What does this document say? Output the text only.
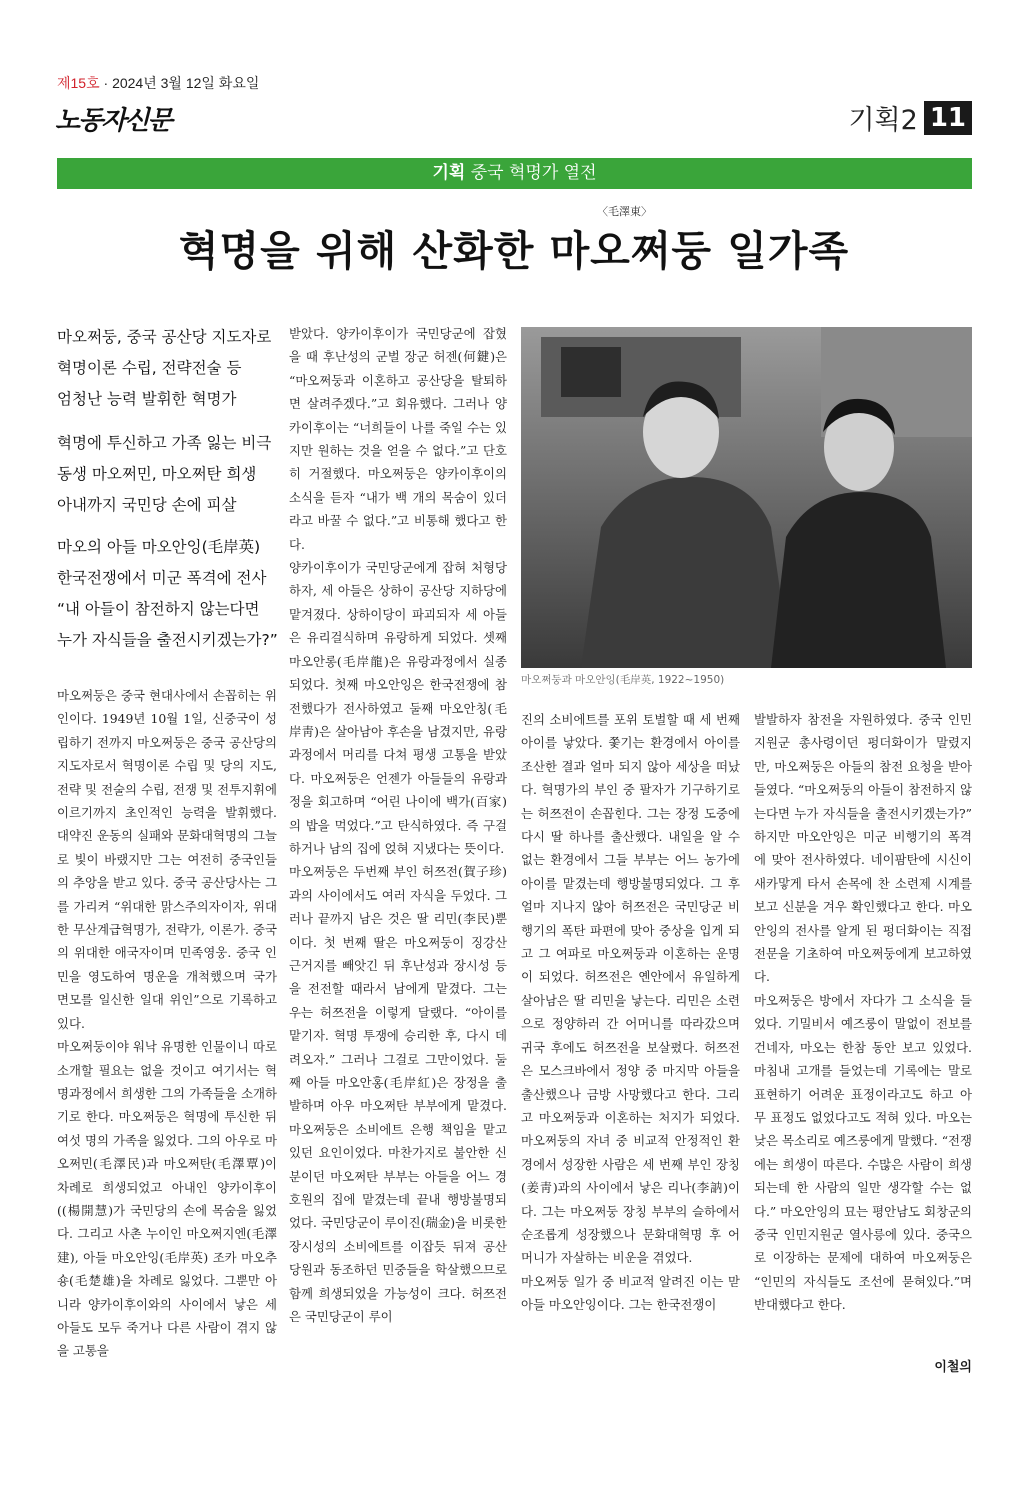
제15호 · 2024년 3월 12일 화요일
노동자신문	기획2 11
기획 중국 혁명가 열전
〈毛澤東〉
혁명을 위해 산화한 마오쩌둥 일가족
마오쩌둥, 중국 공산당 지도자로
혁명이론 수립, 전략전술 등
엄청난 능력 발휘한 혁명가
혁명에 투신하고 가족 잃는 비극
동생 마오쩌민, 마오쩌탄 희생
아내까지 국민당 손에 피살
마오의 아들 마오안잉(毛岸英)
한국전쟁에서 미군 폭격에 전사
“내 아들이 참전하지 않는다면
누가 자식들을 출전시키겠는가?”
마오쩌둥과 마오안잉(毛岸英, 1922~1950)

마오쩌둥은 중국 현대사에서 손꼽히는 위인이다. 1949년 10월 1일, 신중국이 성립하기 전까지 마오쩌둥은 중국 공산당의 지도자로서 혁명이론 수립 및 당의 지도, 전략 및 전술의 수립, 전쟁 및 전투지휘에 이르기까지 초인적인 능력을 발휘했다. 대약진 운동의 실패와 문화대혁명의 그늘로 빛이 바랬지만 그는 여전히 중국인들의 추앙을 받고 있다. 중국 공산당사는 그를 가리켜 “위대한 맑스주의자이자, 위대한 무산계급혁명가, 전략가, 이론가. 중국의 위대한 애국자이며 민족영웅. 중국 인민을 영도하여 명운을 개척했으며 국가 면모를 일신한 일대 위인”으로 기록하고 있다.

마오쩌둥이야 워낙 유명한 인물이니 따로 소개할 필요는 없을 것이고 여기서는 혁명과정에서 희생한 그의 가족들을 소개하기로 한다. 마오쩌둥은 혁명에 투신한 뒤 여섯 명의 가족을 잃었다. 그의 아우로 마오쩌민(毛澤民)과 마오쩌탄(毛澤覃)이 차례로 희생되었고 아내인 양카이후이((楊開慧)가 국민당의 손에 목숨을 잃었다. 그리고 사촌 누이인 마오쩌지엔(毛澤建), 아들 마오안잉(毛岸英) 조카 마오추숑(毛楚雄)을 차례로 잃었다. 그뿐만 아니라 양카이후이와의 사이에서 낳은 세 아들도 모두 죽거나 다른 사람이 겪지 않을 고통을

받았다. 양카이후이가 국민당군에 잡혔을 때 후난성의 군벌 장군 허젠(何鍵)은 “마오쩌둥과 이혼하고 공산당을 탈퇴하면 살려주겠다.”고 회유했다. 그러나 양카이후이는 “너희들이 나를 죽일 수는 있지만 원하는 것을 얻을 수 없다.”고 단호히 거절했다. 마오쩌둥은 양카이후이의 소식을 듣자 “내가 백 개의 목숨이 있더라고 바꿀 수 없다.”고 비통해 했다고 한다.

양카이후이가 국민당군에게 잡혀 처형당하자, 세 아들은 상하이 공산당 지하당에 맡겨졌다. 상하이당이 파괴되자 세 아들은 유리걸식하며 유랑하게 되었다. 셋째 마오안롱(毛岸龍)은 유랑과정에서 실종되었다. 첫째 마오안잉은 한국전쟁에 참전했다가 전사하였고 둘째 마오안칭(毛岸靑)은 살아남아 후손을 남겼지만, 유랑과정에서 머리를 다쳐 평생 고통을 받았다. 마오쩌둥은 언젠가 아들들의 유랑과정을 회고하며 “어린 나이에 백가(百家)의 밥을 먹었다.”고 탄식하였다. 즉 구걸하거나 남의 집에 얹혀 지냈다는 뜻이다.

마오쩌둥은 두번째 부인 허쯔전(賀子珍)과의 사이에서도 여러 자식을 두었다. 그러나 끝까지 남은 것은 딸 리민(李民)뿐이다. 첫 번째 딸은 마오쩌둥이 징강산 근거지를 빼앗긴 뒤 후난성과 장시성 등을 전전할 때라서 남에게 맡겼다. 그는 우는 허쯔전을 이렇게 달랬다. “아이를 맡기자. 혁명 투쟁에 승리한 후, 다시 데려오자.” 그러나 그걸로 그만이었다. 둘째 아들 마오안홍(毛岸紅)은 장정을 출발하며 아우 마오쩌탄 부부에게 맡겼다. 마오쩌둥은 소비에트 은행 책임을 맡고 있던 요인이었다. 마찬가지로 불안한 신분이던 마오쩌탄 부부는 아들을 어느 경호원의 집에 맡겼는데 끝내 행방불명되었다. 국민당군이 루이진(瑞金)을 비롯한 장시성의 소비에트를 이잡듯 뒤져 공산당원과 동조하던 민중들을 학살했으므로 함께 희생되었을 가능성이 크다. 허쯔전은 국민당군이 루이

진의 소비에트를 포위 토벌할 때 세 번째 아이를 낳았다. 쫓기는 환경에서 아이를 조산한 결과 얼마 되지 않아 세상을 떠났다. 혁명가의 부인 중 팔자가 기구하기로는 허쯔전이 손꼽힌다. 그는 장정 도중에 다시 딸 하나를 출산했다. 내일을 알 수 없는 환경에서 그들 부부는 어느 농가에 아이를 맡겼는데 행방불명되었다. 그 후 얼마 지나지 않아 허쯔전은 국민당군 비행기의 폭탄 파편에 맞아 중상을 입게 되고 그 여파로 마오쩌둥과 이혼하는 운명이 되었다. 허쯔전은 옌안에서 유일하게 살아남은 딸 리민을 낳는다. 리민은 소련으로 정양하러 간 어머니를 따라갔으며 귀국 후에도 허쯔전을 보살폈다. 허쯔전은 모스크바에서 정양 중 마지막 아들을 출산했으나 금방 사망했다고 한다. 그리고 마오쩌둥과 이혼하는 처지가 되었다. 마오쩌둥의 자녀 중 비교적 안정적인 환경에서 성장한 사람은 세 번째 부인 장칭(姜靑)과의 사이에서 낳은 리나(李訥)이다. 그는 마오쩌둥 장칭 부부의 슬하에서 순조롭게 성장했으나 문화대혁명 후 어머니가 자살하는 비운을 겪었다.

마오쩌둥 일가 중 비교적 알려진 이는 맏아들 마오안잉이다. 그는 한국전쟁이

발발하자 참전을 자원하였다. 중국 인민지원군 총사령이던 펑더화이가 말렸지만, 마오쩌둥은 아들의 참전 요청을 받아들였다. “마오쩌둥의 아들이 참전하지 않는다면 누가 자식들을 출전시키겠는가?” 하지만 마오안잉은 미군 비행기의 폭격에 맞아 전사하였다. 네이팜탄에 시신이 새카맣게 타서 손목에 찬 소련제 시계를 보고 신분을 겨우 확인했다고 한다. 마오안잉의 전사를 알게 된 펑더화이는 직접 전문을 기초하여 마오쩌둥에게 보고하였다.

마오쩌둥은 방에서 자다가 그 소식을 들었다. 기밀비서 예즈룽이 말없이 전보를 건네자, 마오는 한참 동안 보고 있었다. 마침내 고개를 들었는데 기록에는 말로 표현하기 어려운 표정이라고도 하고 아무 표정도 없었다고도 적혀 있다. 마오는 낮은 목소리로 예즈룽에게 말했다. “전쟁에는 희생이 따른다. 수많은 사람이 희생되는데 한 사람의 일만 생각할 수는 없다.” 마오안잉의 묘는 평안남도 회창군의 중국 인민지원군 열사릉에 있다. 중국으로 이장하는 문제에 대하여 마오쩌둥은 “인민의 자식들도 조선에 묻혀있다.”며 반대했다고 한다.

이철의
